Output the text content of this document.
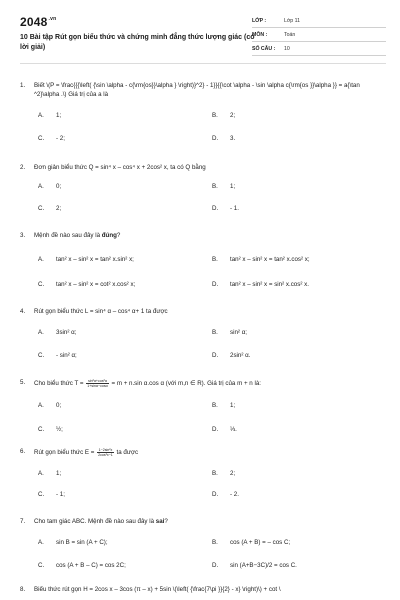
$2048^{.vn}$
10 Bài tập Rút gọn biểu thức và chứng minh đẳng thức lượng giác (có lời giải)
LỚP :	Lớp 11
MÔN :	Toán
SỐ CÂU :	10
1.	Biết \(P = \frac{{{\left( {\sin \alpha - c{\rm{os}}\alpha } \right)}^2} - 1}}{{\cot \alpha - \sin \alpha c{\rm{os }}\alpha }} = a{\tan ^2}\alpha .\) Giá trị của a là
A.	1;	B.	2;
C.	- 2;	D.	3.
2.	Đơn giản biểu thức Q = sin⁴ x – cos⁴ x + 2cos² x, ta có Q bằng
A.	0;	B.	1;
C.	2;	D.	- 1.
3.	Mệnh đề nào sau đây là đúng?
A.	tan² x – sin² x = tan² x.sin² x;	B.	tan² x – sin² x = tan² x.cos² x;
C.	tan² x – sin² x = cot² x.cos² x;	D.	tan² x – sin² x = sin² x.cos² x.
4.	Rút gọn biểu thức L = sin⁴ α – cos⁴ α+ 1 ta được
A.	3sin² α;	B.	sin² α;
C.	- sin² α;	D.	2sin² α.
5.	Cho biểu thức $T = \frac{\text{sin²α+cos²α}}{1+\sin\alpha-\cos\alpha} = m + n.\sin$ α.cos α (với m,n ∈ R). Giá trị của m + n là:
A.	0;	B.	1;
C.	½;	D.	⅓.
6.	Rút gọn biểu thức $E = \frac{\text{1−2sin²x}}{\text{2cos²x−1}}$ ta được
A.	1;	B.	2;
C.	- 1;	D.	- 2.
7.	Cho tam giác ABC. Mệnh đề nào sau đây là sai?
A.	sin B = sin (A + C);	B.	cos (A + B) = – cos C;
C.	cos (A + B – C) = cos 2C;	D.	sin (A+B−3C)/2 = cos C.
8.	Biểu thức rút gọn H = 2cos x – 3cos (π – x) + 5sin \(\left( {\frac{7\pi }}{2} - x} \right)\) + cot \
